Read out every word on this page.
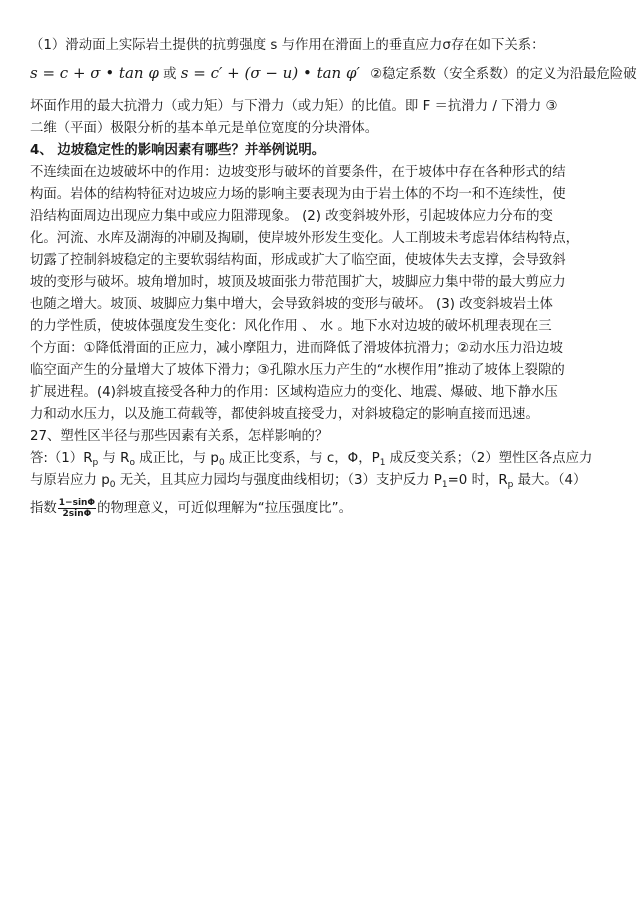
（1）滑动面上实际岩土提供的抗剪强度 s 与作用在滑面上的垂直应力σ存在如下关系：
s = c + σ • tan φ 或 s = c′ + (σ − u) • tan φ′ ②稳定系数（安全系数）的定义为沿最危险破
坏面作用的最大抗滑力（或力矩）与下滑力（或力矩）的比值。即 F ＝抗滑力 / 下滑力 ③
二维（平面）极限分析的基本单元是单位宽度的分块滑体。
4、 边坡稳定性的影响因素有哪些？并举例说明。
不连续面在边坡破坏中的作用：边坡变形与破坏的首要条件，在于坡体中存在各种形式的结
构面。岩体的结构特征对边坡应力场的影响主要表现为由于岩土体的不均一和不连续性，使
沿结构面周边出现应力集中或应力阻滞现象。 (2) 改变斜坡外形，引起坡体应力分布的变
化。河流、水库及湖海的冲刷及掏刷，使岸坡外形发生变化。人工削坡未考虑岩体结构特点，
切露了控制斜坡稳定的主要软弱结构面，形成或扩大了临空面，使坡体失去支撑，会导致斜
坡的变形与破坏。坡角增加时，坡顶及坡面张力带范围扩大，坡脚应力集中带的最大剪应力
也随之增大。坡顶、坡脚应力集中增大，会导致斜坡的变形与破坏。 (3) 改变斜坡岩土体
的力学性质，使坡体强度发生变化：风化作用 、 水 。地下水对边坡的破坏机理表现在三
个方面：①降低滑面的正应力，减小摩阻力，进而降低了滑坡体抗滑力；②动水压力沿边坡
临空面产生的分量增大了坡体下滑力；③孔隙水压力产生的“水楔作用”推动了坡体上裂隙的
扩展进程。(4)斜坡直接受各种力的作用：区域构造应力的变化、地震、爆破、地下静水压
力和动水压力，以及施工荷载等，都使斜坡直接受力，对斜坡稳定的影响直接而迅速。
27、塑性区半径与那些因素有关系，怎样影响的？
答$:(1)R_p$ 与 $R_o$ 成正比，与 $p_0$ 成正比变系，与 c，Φ，$P_1$ 成反变关系；（2）塑性区各点应力
与原岩应力 $p_0$ 无关，且其应力园均与强度曲线相切；（3）支护反力 $P_1=0$ 时，$R_p$ 最大。（4）
指数 $\frac{1-\sin\Phi}{2\sin\Phi}$ 的物理意义，可近似理解为“拉压强度比”。
